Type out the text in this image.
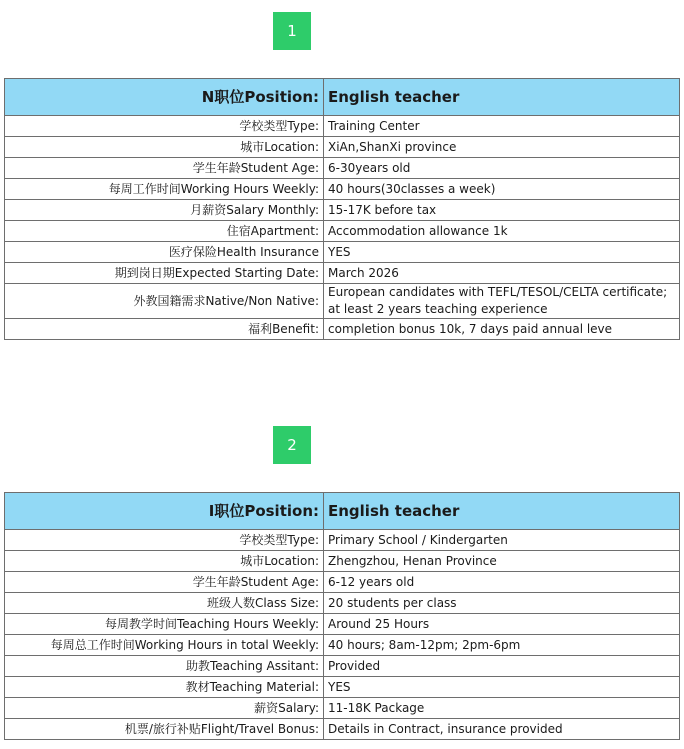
1
N职位Position:	English teacher
学校类型Type:	Training Center
城市Location:	XiAn,ShanXi province
学生年龄Student Age:	6-30years old
每周工作时间Working Hours Weekly:	40 hours(30classes a week)
月薪资Salary Monthly:	15-17K before tax
住宿Apartment:	Accommodation allowance 1k
医疗保险Health Insurance	YES
期到岗日期Expected Starting Date:	March 2026
外教国籍需求Native/Non Native:	European candidates with TEFL/TESOL/CELTA certificate; at least 2 years teaching experience
福利Benefit:	completion bonus 10k, 7 days paid annual leve
2
I职位Position:	English teacher
学校类型Type:	Primary School / Kindergarten
城市Location:	Zhengzhou, Henan Province
学生年龄Student Age:	6-12 years old
班级人数Class Size:	20 students per class
每周教学时间Teaching Hours Weekly:	Around 25 Hours
每周总工作时间Working Hours in total Weekly:	40 hours; 8am-12pm; 2pm-6pm
助教Teaching Assitant:	Provided
教材Teaching Material:	YES
薪资Salary:	11-18K Package
机票/旅行补贴Flight/Travel Bonus:	Details in Contract, insurance provided
